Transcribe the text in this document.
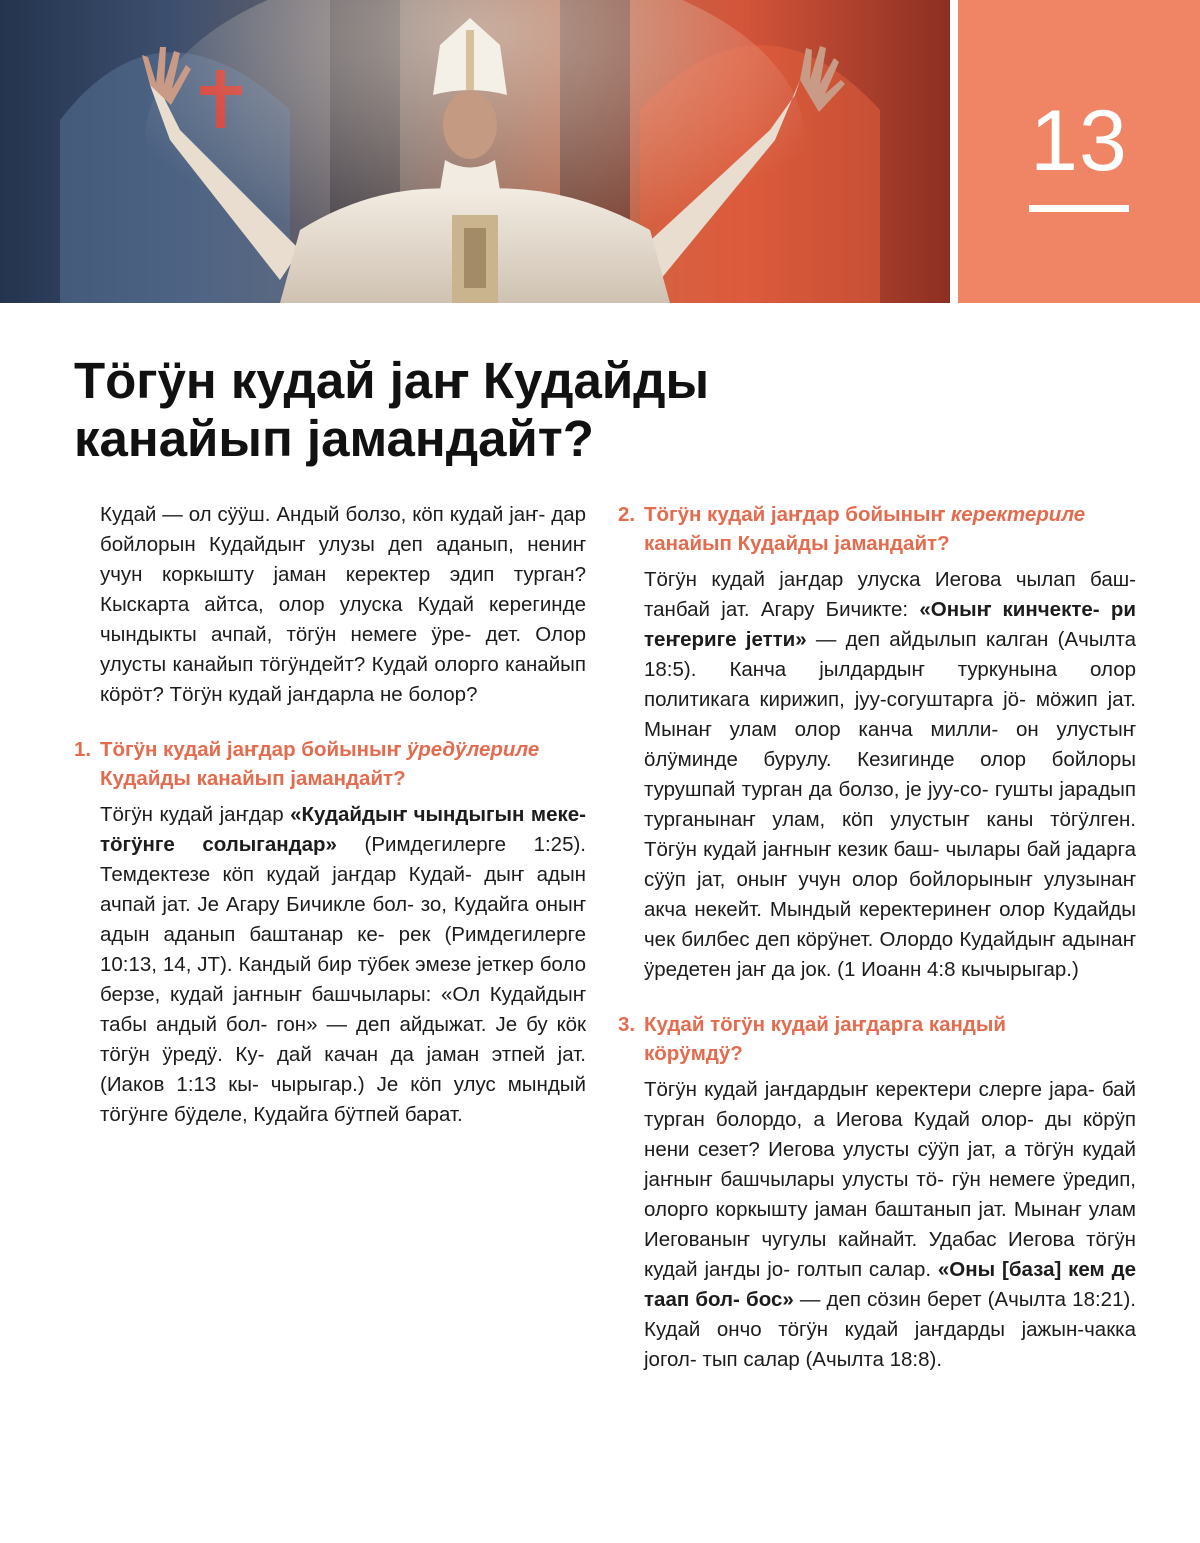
13
Тӧгӱн кудай јаҥ Кудайды
канайып јамандайт?

Кудай — ол сӱӱш. Андый болзо, кӧп кудай јаҥ- дар бойлорын Кудайдыҥ улузы деп аданып, нениҥ учун коркышту јаман керектер эдип турган? Кыскарта айтса, олор улуска Кудай керегинде чындыкты ачпай, тӧгӱн немеге ӱре- дет. Олор улусты канайып тӧгӱндейт? Кудай олорго канайып кӧрӧт? Тӧгӱн кудай јаҥдарла не болор?

1. Тӧгӱн кудай јаҥдар бойыныҥ ӱредӱлериле
Кудайды канайып јамандайт?

Тӧгӱн кудай јаҥдар «Кудайдыҥ чындыгын меке-тӧгӱнге солыгандар» (Римдегилерге 1:25). Темдектезе кӧп кудай јаҥдар Кудай- дыҥ адын ачпай јат. Је Агару Бичикле бол- зо, Кудайга оныҥ адын аданып баштанар ке- рек (Римдегилерге 10:13, 14, ЈТ). Кандый бир тӱбек эмезе јеткер боло берзе, кудай јаҥныҥ башчылары: «Ол Кудайдыҥ табы андый бол- гон» — деп айдыжат. Је бу кӧк тӧгӱн ӱредӱ. Ку- дай качан да јаман этпей јат. (Иаков 1:13 кы- чырыгар.) Је кӧп улус мындый тӧгӱнге бӱделе, Кудайга бӱтпей барат.

2. Тӧгӱн кудай јаҥдар бойыныҥ кеpектериле
канайып Кудайды јамандайт?

Тӧгӱн кудай јаҥдар улуска Иегова чылап баш- танбай јат. Агару Бичикте: «Оныҥ кинчекте- ри теҥериге јетти» — деп айдылып калган (Ачылта 18:5). Канча јылдардыҥ туркунына олор политикага кирижип, јуу-согуштарга јӧ- мӧжип јат. Мынаҥ улам олор канча милли- он улустыҥ ӧлӱминде бурулу. Кезигинде олор бойлоры турушпай турган да болзо, је јуу-со- гушты јарадып турганынаҥ улам, кӧп улустыҥ каны тӧгӱлген. Тӧгӱн кудай јаҥныҥ кезик баш- чылары бай јадарга сӱӱп јат, оныҥ учун олор бойлорыныҥ улузынаҥ акча некейт. Мындый кеpектеринеҥ олор Кудайды чек билбес деп кӧрӱнет. Олордо Кудайдыҥ адынаҥ ӱредетен јаҥ да јок. (1 Иоанн 4:8 кычырыгар.)

3. Кудай тӧгӱн кудай јаҥдарга кандый
кӧрӱмдӱ?

Тӧгӱн кудай јаҥдардыҥ кеpектери слерге јара- бай турган болордо, а Иегова Кудай олор- ды кӧрӱп нени сезет? Иегова улусты сӱӱп јат, а тӧгӱн кудай јаҥныҥ башчылары улусты тӧ- гӱн немеге ӱредип, олорго коркышту јаман баштанып јат. Мынаҥ улам Иегованыҥ чугулы кайнайт. Удабас Иегова тӧгӱн кудай јаҥды јо- голтып салар. «Оны [база] кем де таап бол- бос» — деп сӧзин берет (Ачылта 18:21). Кудай ончо тӧгӱн кудай јаҥдарды јажын-чакка јогол- тып салар (Ачылта 18:8).
